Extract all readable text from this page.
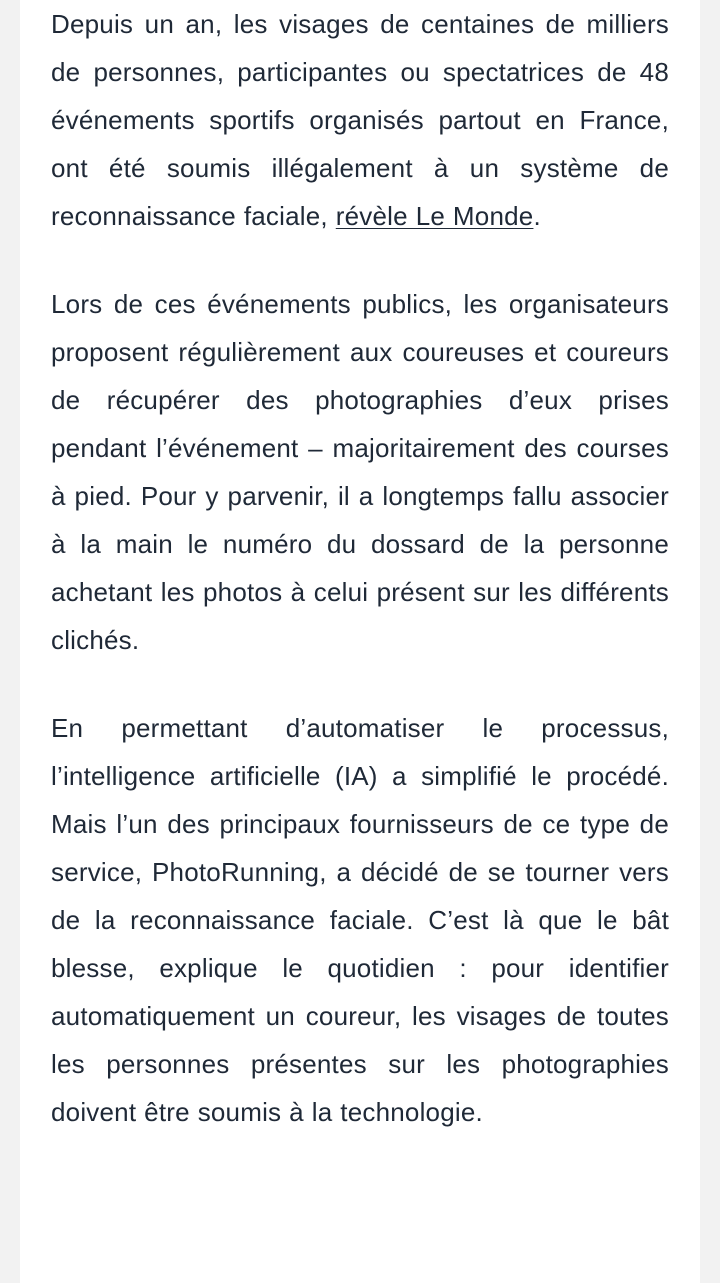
Depuis un an, les visages de centaines de milliers de personnes, participantes ou spectatrices de 48 événements sportifs organisés partout en France, ont été soumis illégalement à un système de reconnaissance faciale, révèle Le Monde.

Lors de ces événements publics, les organisateurs proposent régulièrement aux coureuses et coureurs de récupérer des photographies d’eux prises pendant l’événement – majoritairement des courses à pied. Pour y parvenir, il a longtemps fallu associer à la main le numéro du dossard de la personne achetant les photos à celui présent sur les différents clichés.

En permettant d’automatiser le processus, l’intelligence artificielle (IA) a simplifié le procédé. Mais l’un des principaux fournisseurs de ce type de service, PhotoRunning, a décidé de se tourner vers de la reconnaissance faciale. C’est là que le bât blesse, explique le quotidien : pour identifier automatiquement un coureur, les visages de toutes les personnes présentes sur les photographies doivent être soumis à la technologie.
